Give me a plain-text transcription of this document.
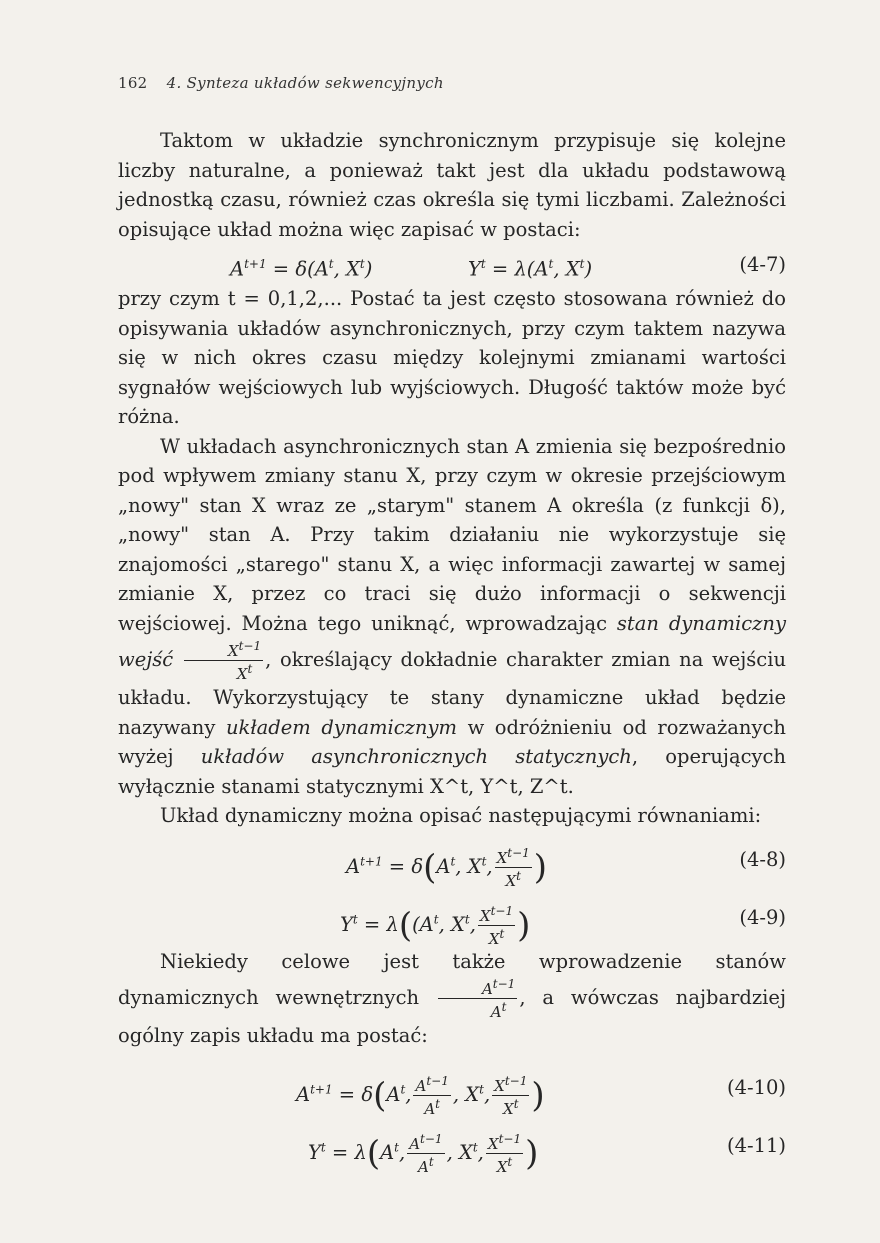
162 4. Synteza układów sekwencyjnych

Taktom w układzie synchronicznym przypisuje się kolejne liczby naturalne, a ponieważ takt jest dla układu podstawową jednostką czasu, również czas określa się tymi liczbami. Zależności opisujące układ można więc zapisać w postaci:

$A^{t+1} = \delta(A^t$, $X^t$)	$Y^t = \lambda(A^t$, $X^t$)	(4-7)

przy czym t = 0,1,2,... Postać ta jest często stosowana również do opisywania układów asynchronicznych, przy czym taktem nazywa się w nich okres czasu między kolejnymi zmianami wartości sygnałów wejściowych lub wyjściowych. Długość taktów może być różna.

W układach asynchronicznych stan A zmienia się bezpośrednio pod wpływem zmiany stanu X, przy czym w okresie przejściowym „nowy" stan X wraz ze „starym" stanem A określa (z funkcji δ), „nowy" stan A. Przy takim działaniu nie wykorzystuje się znajomości „starego" stanu X, a więc informacji zawartej w samej zmianie X, przez co traci się dużo informacji o sekwencji wejściowej. Można tego uniknąć, wprowadzając stan dynamiczny wejść $\frac{X^{t-1}}{X^t}$ , określający dokładnie charakter zmian na wejściu układu. Wykorzystujący te stany dynamiczne układ będzie nazywany układem dynamicznym w odróżnieniu od rozważanych wyżej układów asynchronicznych statycznych, operujących wyłącznie stanami statycznymi X^t, Y^t, Z^t.

Układ dynamiczny można opisać następującymi równaniami:

$A^{t+1} = \delta(A^t$, $X^t$, $\frac{X^{t-1}}{X^t}$ )	(4-8)
$Y^t = \lambda((A^t$, $X^t$, $\frac{X^{t-1}}{X^t}$ )	(4-9)

Niekiedy celowe jest także wprowadzenie stanów dynamicznych wewnętrznych $\frac{A^{t-1}}{A^t}$ , a wówczas najbardziej ogólny zapis układu ma postać:

$A^{t+1} = \delta(A^t$, $\frac{A^{t-1}}{A^t}$ , $X^t$, $\frac{X^{t-1}}{X^t}$ )	(4-10)
$Y^t = \lambda(A^t$, $\frac{A^{t-1}}{A^t}$ , $X^t$, $\frac{X^{t-1}}{X^t}$ )	(4-11)
